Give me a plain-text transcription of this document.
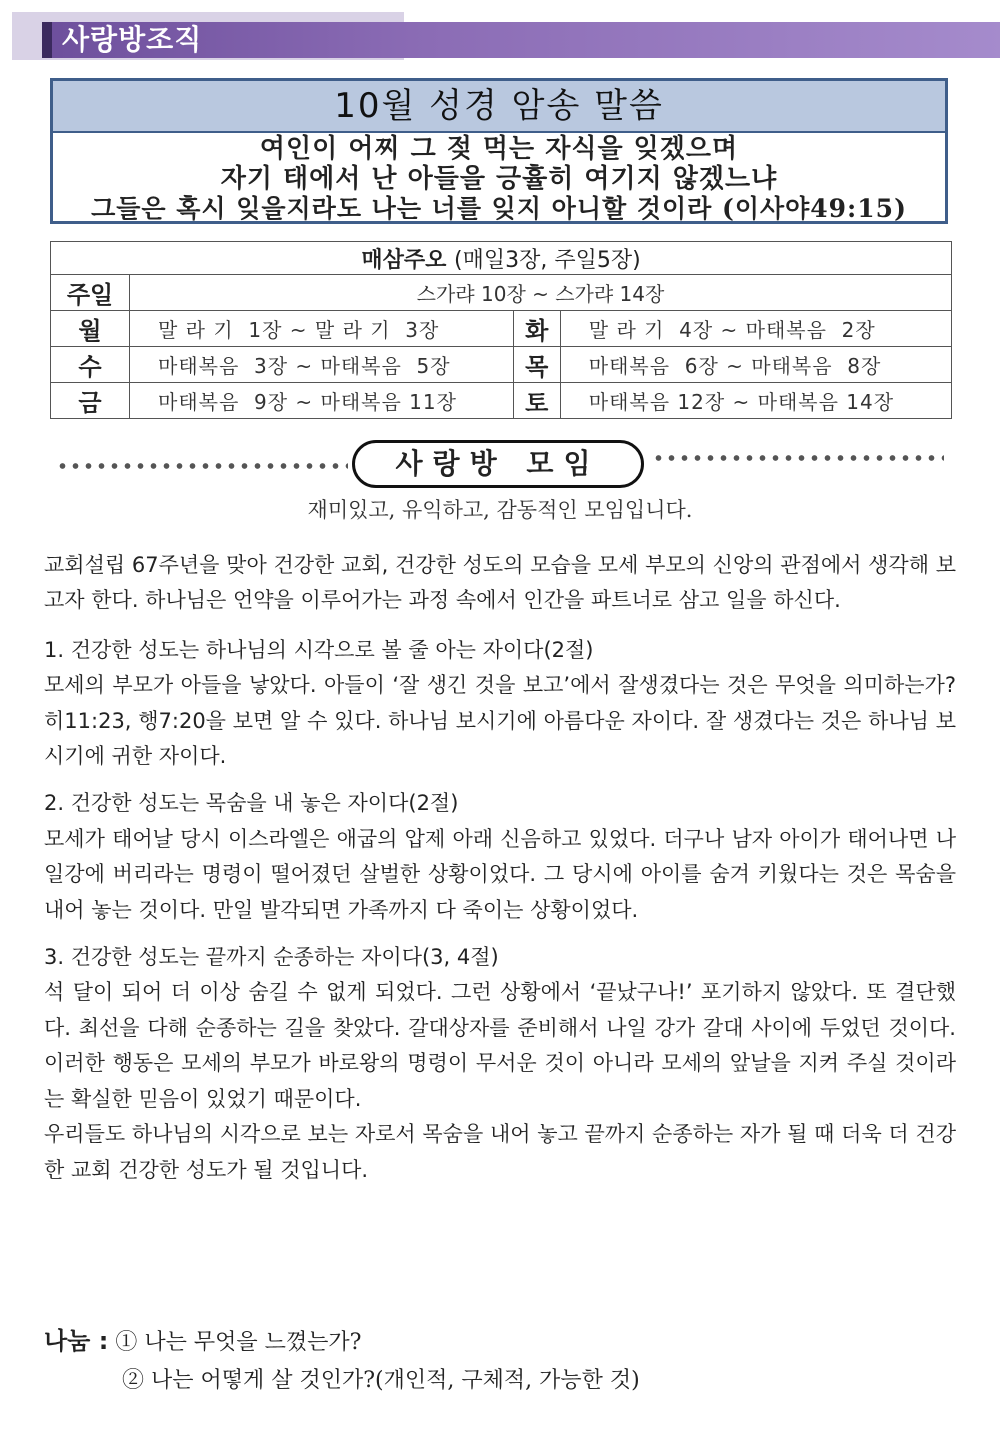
사랑방조직
10월 성경 암송 말씀
여인이 어찌 그 젖 먹는 자식을 잊겠으며
자기 태에서 난 아들을 긍휼히 여기지 않겠느냐
그들은 혹시 잊을지라도 나는 너를 잊지 아니할 것이라 (이사야49:15)
매삼주오 (매일3장, 주일5장)			
주일	스가랴 10장 ~ 스가랴 14장		
월	말 라 기  1장 ~ 말 라 기  3장	화	말 라 기  4장 ~ 마태복음  2장
수	마태복음  3장 ~ 마태복음  5장	목	마태복음  6장 ~ 마태복음  8장
금	마태복음  9장 ~ 마태복음 11장	토	마태복음 12장 ~ 마태복음 14장
사랑방 모임
재미있고, 유익하고, 감동적인 모임입니다.

교회설립 67주년을 맞아 건강한 교회, 건강한 성도의 모습을 모세 부모의 신앙의 관점에서 생각해 보고자 한다. 하나님은 언약을 이루어가는 과정 속에서 인간을 파트너로 삼고 일을 하신다.

1. 건강한 성도는 하나님의 시각으로 볼 줄 아는 자이다(2절)

모세의 부모가 아들을 낳았다. 아들이 ‘잘 생긴 것을 보고’에서 잘생겼다는 것은 무엇을 의미하는가? 히11:23, 행7:20을 보면 알 수 있다. 하나님 보시기에 아름다운 자이다. 잘 생겼다는 것은 하나님 보시기에 귀한 자이다.

2. 건강한 성도는 목숨을 내 놓은 자이다(2절)

모세가 태어날 당시 이스라엘은 애굽의 압제 아래 신음하고 있었다. 더구나 남자 아이가 태어나면 나일강에 버리라는 명령이 떨어졌던 살벌한 상황이었다. 그 당시에 아이를 숨겨 키웠다는 것은 목숨을 내어 놓는 것이다. 만일 발각되면 가족까지 다 죽이는 상황이었다.

3. 건강한 성도는 끝까지 순종하는 자이다(3, 4절)

석 달이 되어 더 이상 숨길 수 없게 되었다. 그런 상황에서 ‘끝났구나!’ 포기하지 않았다. 또 결단했다. 최선을 다해 순종하는 길을 찾았다. 갈대상자를 준비해서 나일 강가 갈대 사이에 두었던 것이다. 이러한 행동은 모세의 부모가 바로왕의 명령이 무서운 것이 아니라 모세의 앞날을 지켜 주실 것이라는 확실한 믿음이 있었기 때문이다.

우리들도 하나님의 시각으로 보는 자로서 목숨을 내어 놓고 끝까지 순종하는 자가 될 때 더욱 더 건강한 교회 건강한 성도가 될 것입니다.

나눔 : ① 나는 무엇을 느꼈는가?
② 나는 어떻게 살 것인가?(개인적, 구체적, 가능한 것)
